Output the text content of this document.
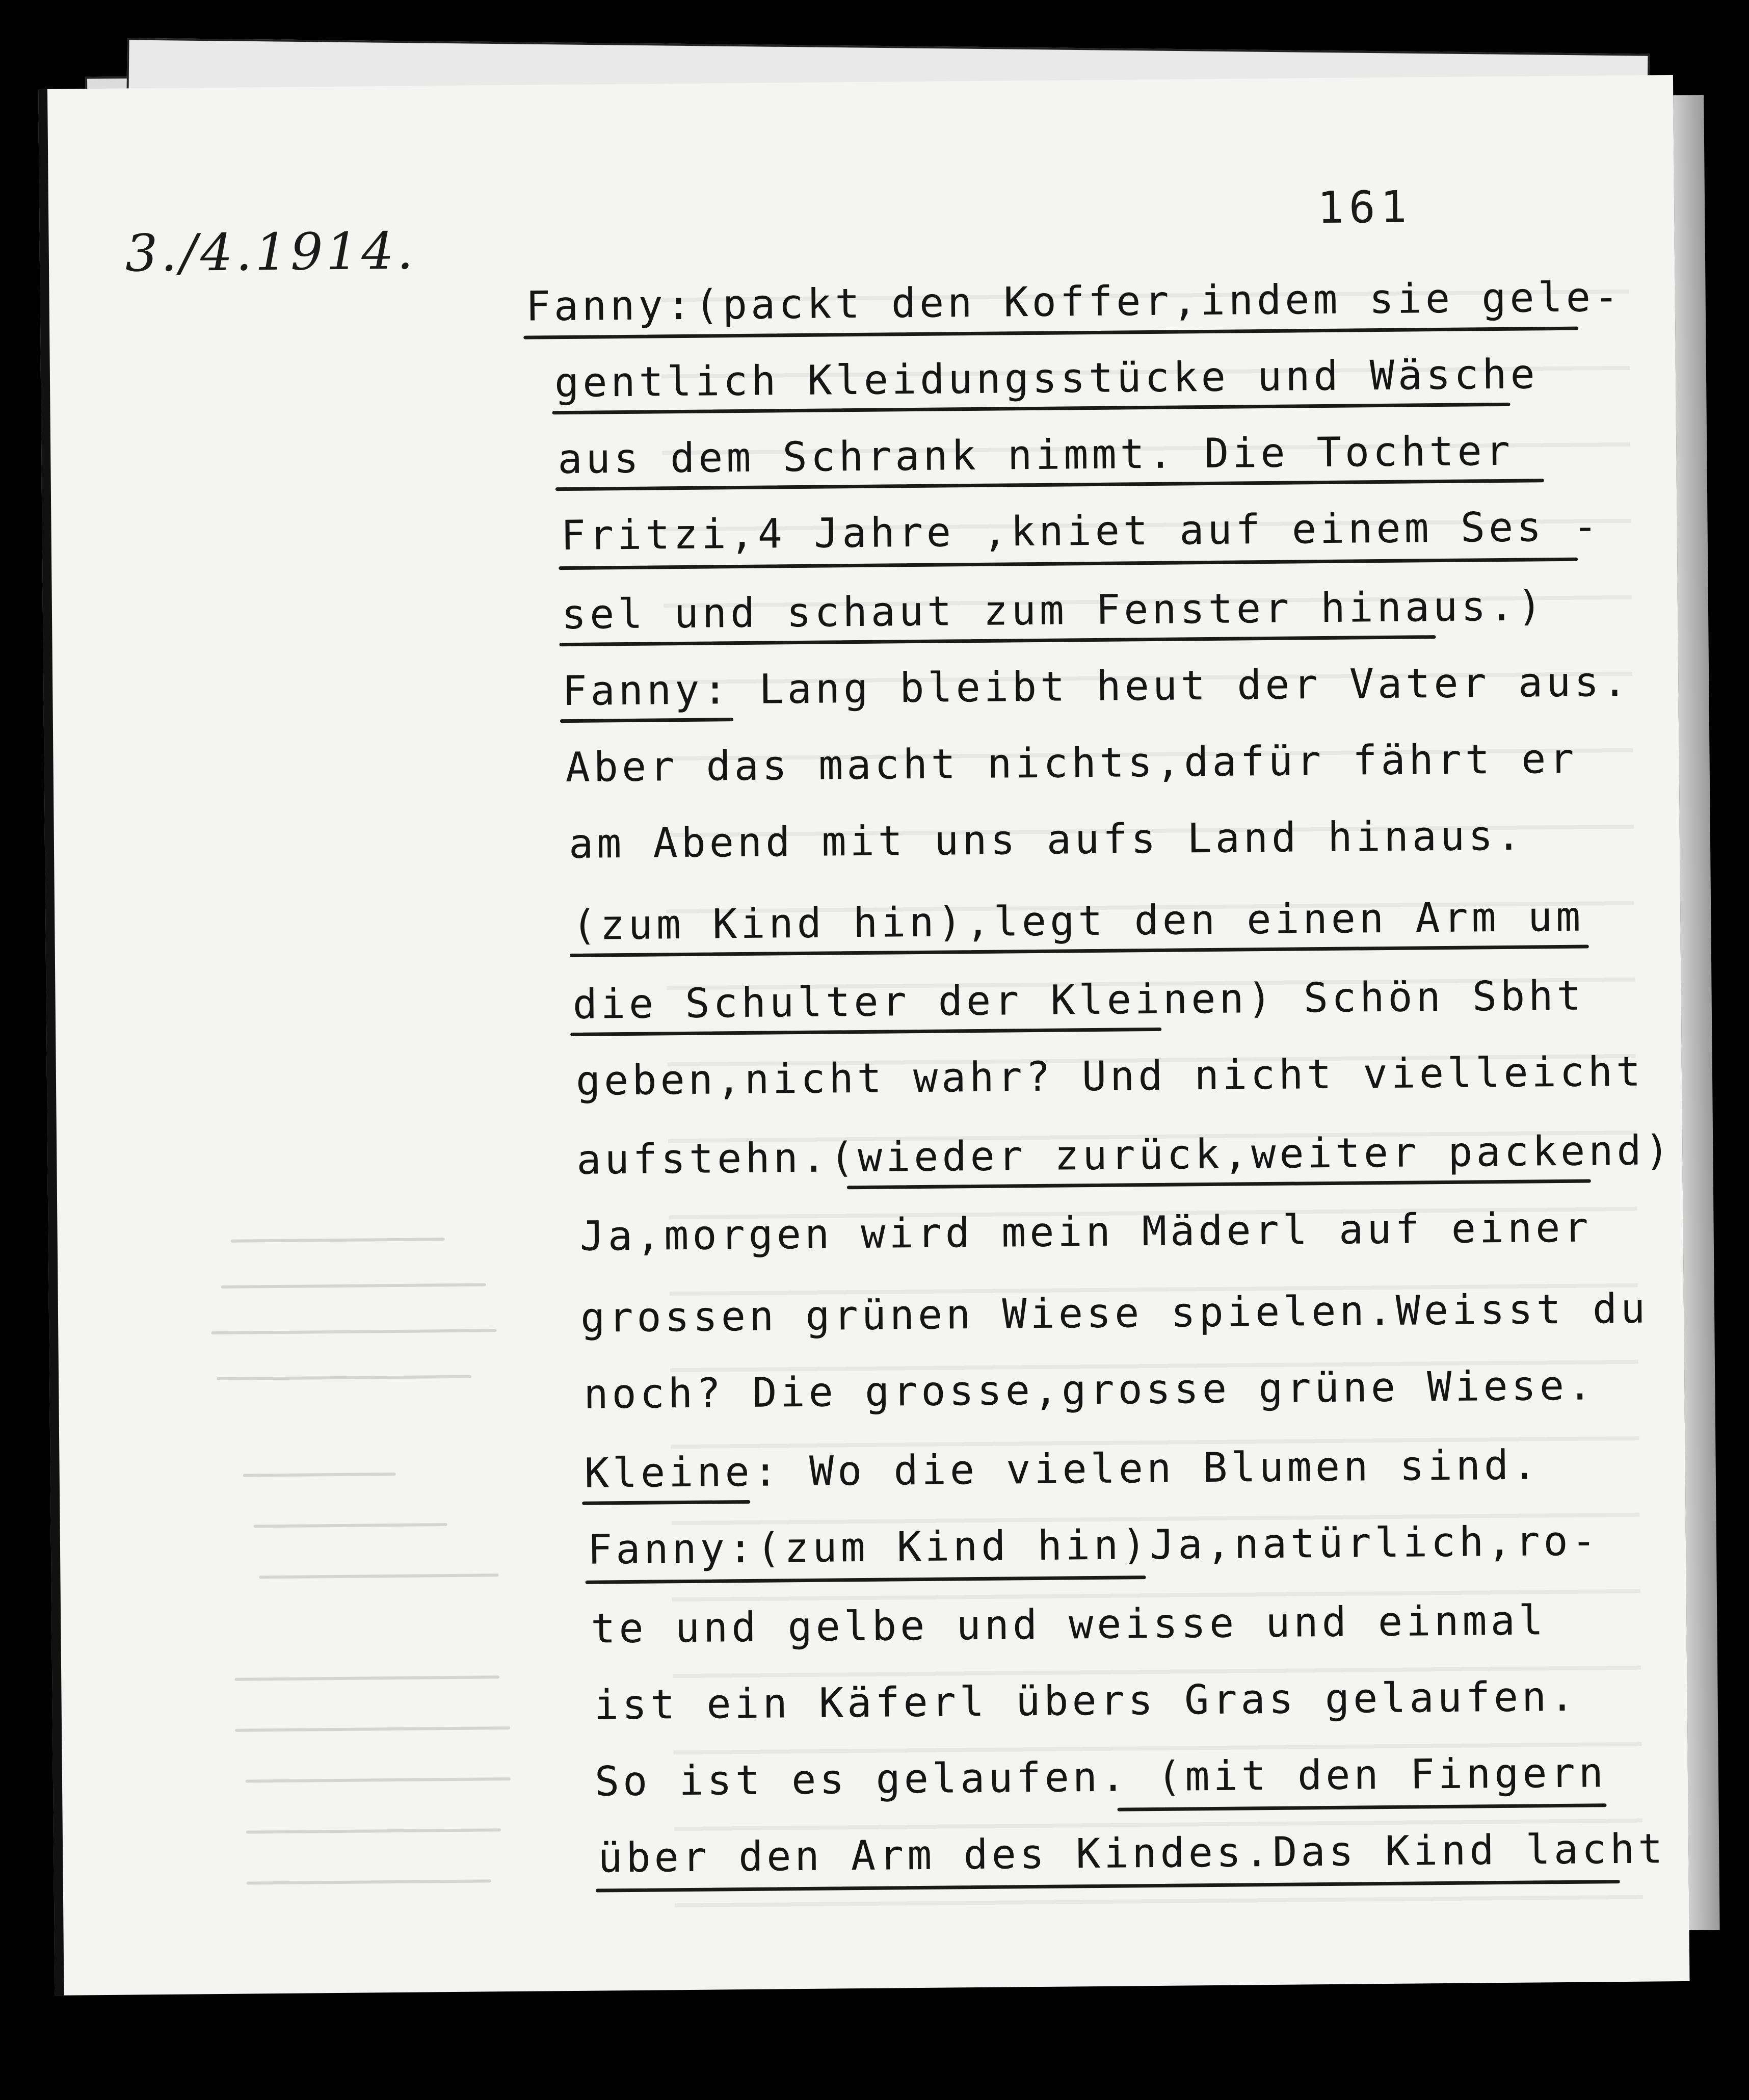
3./4.1914.
161
Fanny:(packt den Koffer,indem sie gele-
gentlich Kleidungsstücke und Wäsche
aus dem Schrank nimmt. Die Tochter
Fritzi,4 Jahre ,kniet auf einem Ses -
sel und schaut zum Fenster hinaus.)
Fanny: Lang bleibt heut der Vater aus.
Aber das macht nichts,dafür fährt er
am Abend mit uns aufs Land hinaus.
(zum Kind hin),legt den einen Arm um
die Schulter der Kleinen) Schön Sbht
geben,nicht wahr? Und nicht vielleicht
aufstehn.(wieder zurück,weiter packend)
Ja,morgen wird mein Mäderl auf einer
grossen grünen Wiese spielen.Weisst du
noch? Die grosse,grosse grüne Wiese.
Kleine: Wo die vielen Blumen sind.
Fanny:(zum Kind hin)Ja,natürlich,ro-
te und gelbe und weisse und einmal
ist ein Käferl übers Gras gelaufen.
So ist es gelaufen. (mit den Fingern
über den Arm des Kindes.Das Kind lacht
